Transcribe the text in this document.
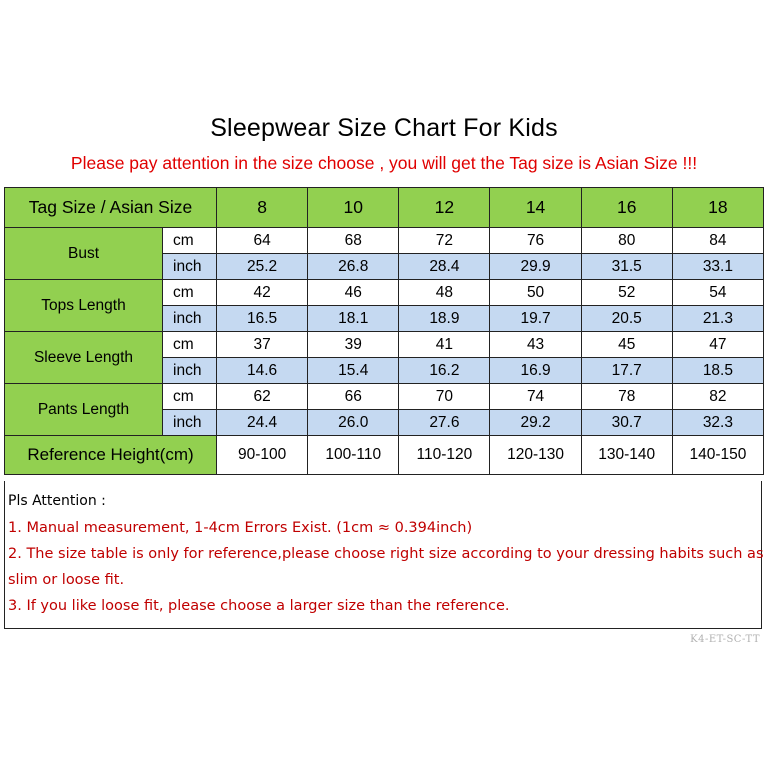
Sleepwear Size Chart For Kids
Please pay attention in the size choose , you will get the Tag size is Asian Size !!!
Tag Size / Asian Size		8	10	12	14	16	18
Bust	cm	64	68	72	76	80	84
	inch	25.2	26.8	28.4	29.9	31.5	33.1
Tops Length	cm	42	46	48	50	52	54
	inch	16.5	18.1	18.9	19.7	20.5	21.3
Sleeve Length	cm	37	39	41	43	45	47
	inch	14.6	15.4	16.2	16.9	17.7	18.5
Pants Length	cm	62	66	70	74	78	82
	inch	24.4	26.0	27.6	29.2	30.7	32.3
Reference Height(cm)		90-100	100-110	110-120	120-130	130-140	140-150
Pls Attention :
1. Manual measurement, 1-4cm Errors Exist. (1cm ≈ 0.394inch)
2. The size table is only for reference,please choose right size according to your dressing habits such as
slim or loose fit.
3. If you like loose fit, please choose a larger size than the reference.
K4-ET-SC-TT
